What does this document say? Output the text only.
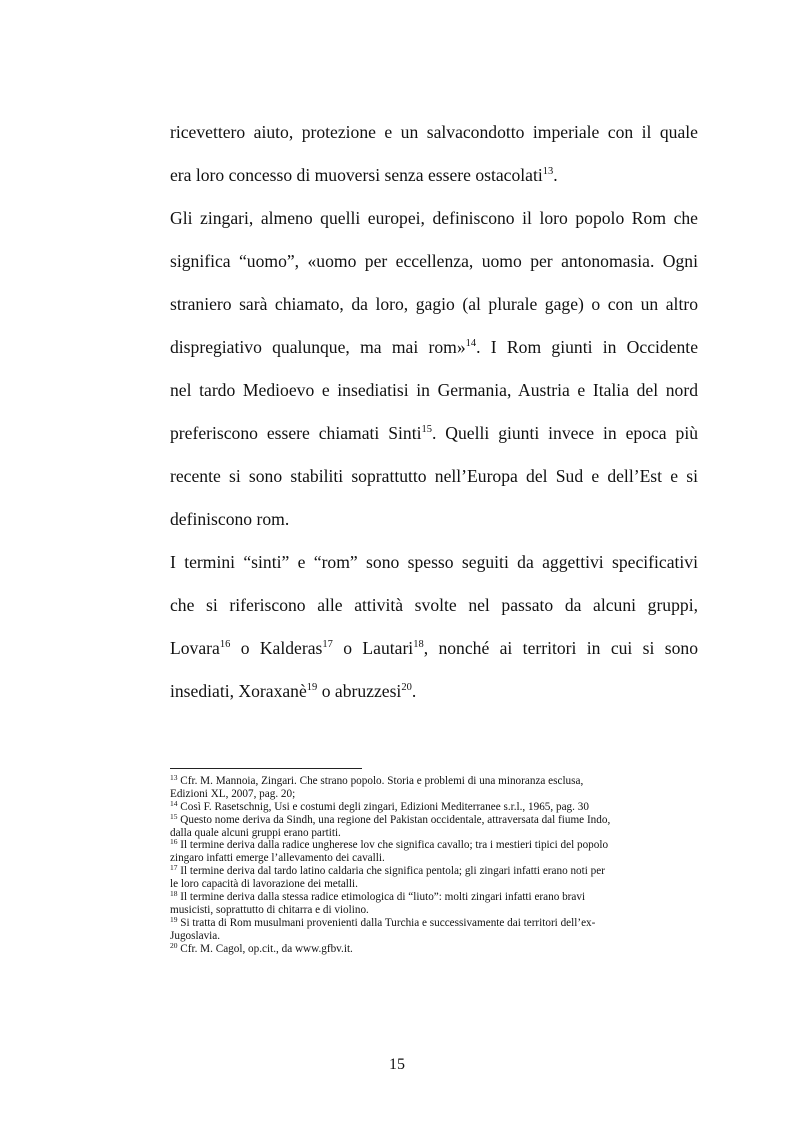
ricevettero aiuto, protezione e un salvacondotto imperiale con il quale
era loro concesso di muoversi senza essere ostacolati$^{13}$.
Gli zingari, almeno quelli europei, definiscono il loro popolo Rom che
significa “uomo”, «uomo per eccellenza, uomo per antonomasia. Ogni
straniero sarà chiamato, da loro, gagio (al plurale gage) o con un altro
dispregiativo qualunque, ma mai rom»$^{14}$. I Rom giunti in Occidente
nel tardo Medioevo e insediatisi in Germania, Austria e Italia del nord
preferiscono essere chiamati Sinti$^{15}$. Quelli giunti invece in epoca più
recente si sono stabiliti soprattutto nell’Europa del Sud e dell’Est e si
definiscono rom.
I termini “sinti” e “rom” sono spesso seguiti da aggettivi specificativi
che si riferiscono alle attività svolte nel passato da alcuni gruppi,
Lovara$^{16}$ o Kalderas$^{17}$ o Lautari$^{18}$, nonché ai territori in cui si sono
insediati, Xoraxanè$^{19}$ o abruzzesi$^{20}$.
$^{13}$ Cfr. M. Mannoia, Zingari. Che strano popolo. Storia e problemi di una minoranza esclusa,
Edizioni XL, 2007, pag. 20;
$^{14}$ Così F. Rasetschnig, Usi e costumi degli zingari, Edizioni Mediterranee s.r.l., 1965, pag. 30
$^{15}$ Questo nome deriva da Sindh, una regione del Pakistan occidentale, attraversata dal fiume Indo,
dalla quale alcuni gruppi erano partiti.
$^{16}$ Il termine deriva dalla radice ungherese lov che significa cavallo; tra i mestieri tipici del popolo
zingaro infatti emerge l’allevamento dei cavalli.
$^{17}$ Il termine deriva dal tardo latino caldaria che significa pentola; gli zingari infatti erano noti per
le loro capacità di lavorazione dei metalli.
$^{18}$ Il termine deriva dalla stessa radice etimologica di “liuto”: molti zingari infatti erano bravi
musicisti, soprattutto di chitarra e di violino.
$^{19}$ Si tratta di Rom musulmani provenienti dalla Turchia e successivamente dai territori dell’ex-
Jugoslavia.
$^{20}$ Cfr. M. Cagol, op.cit., da www.gfbv.it.
15
